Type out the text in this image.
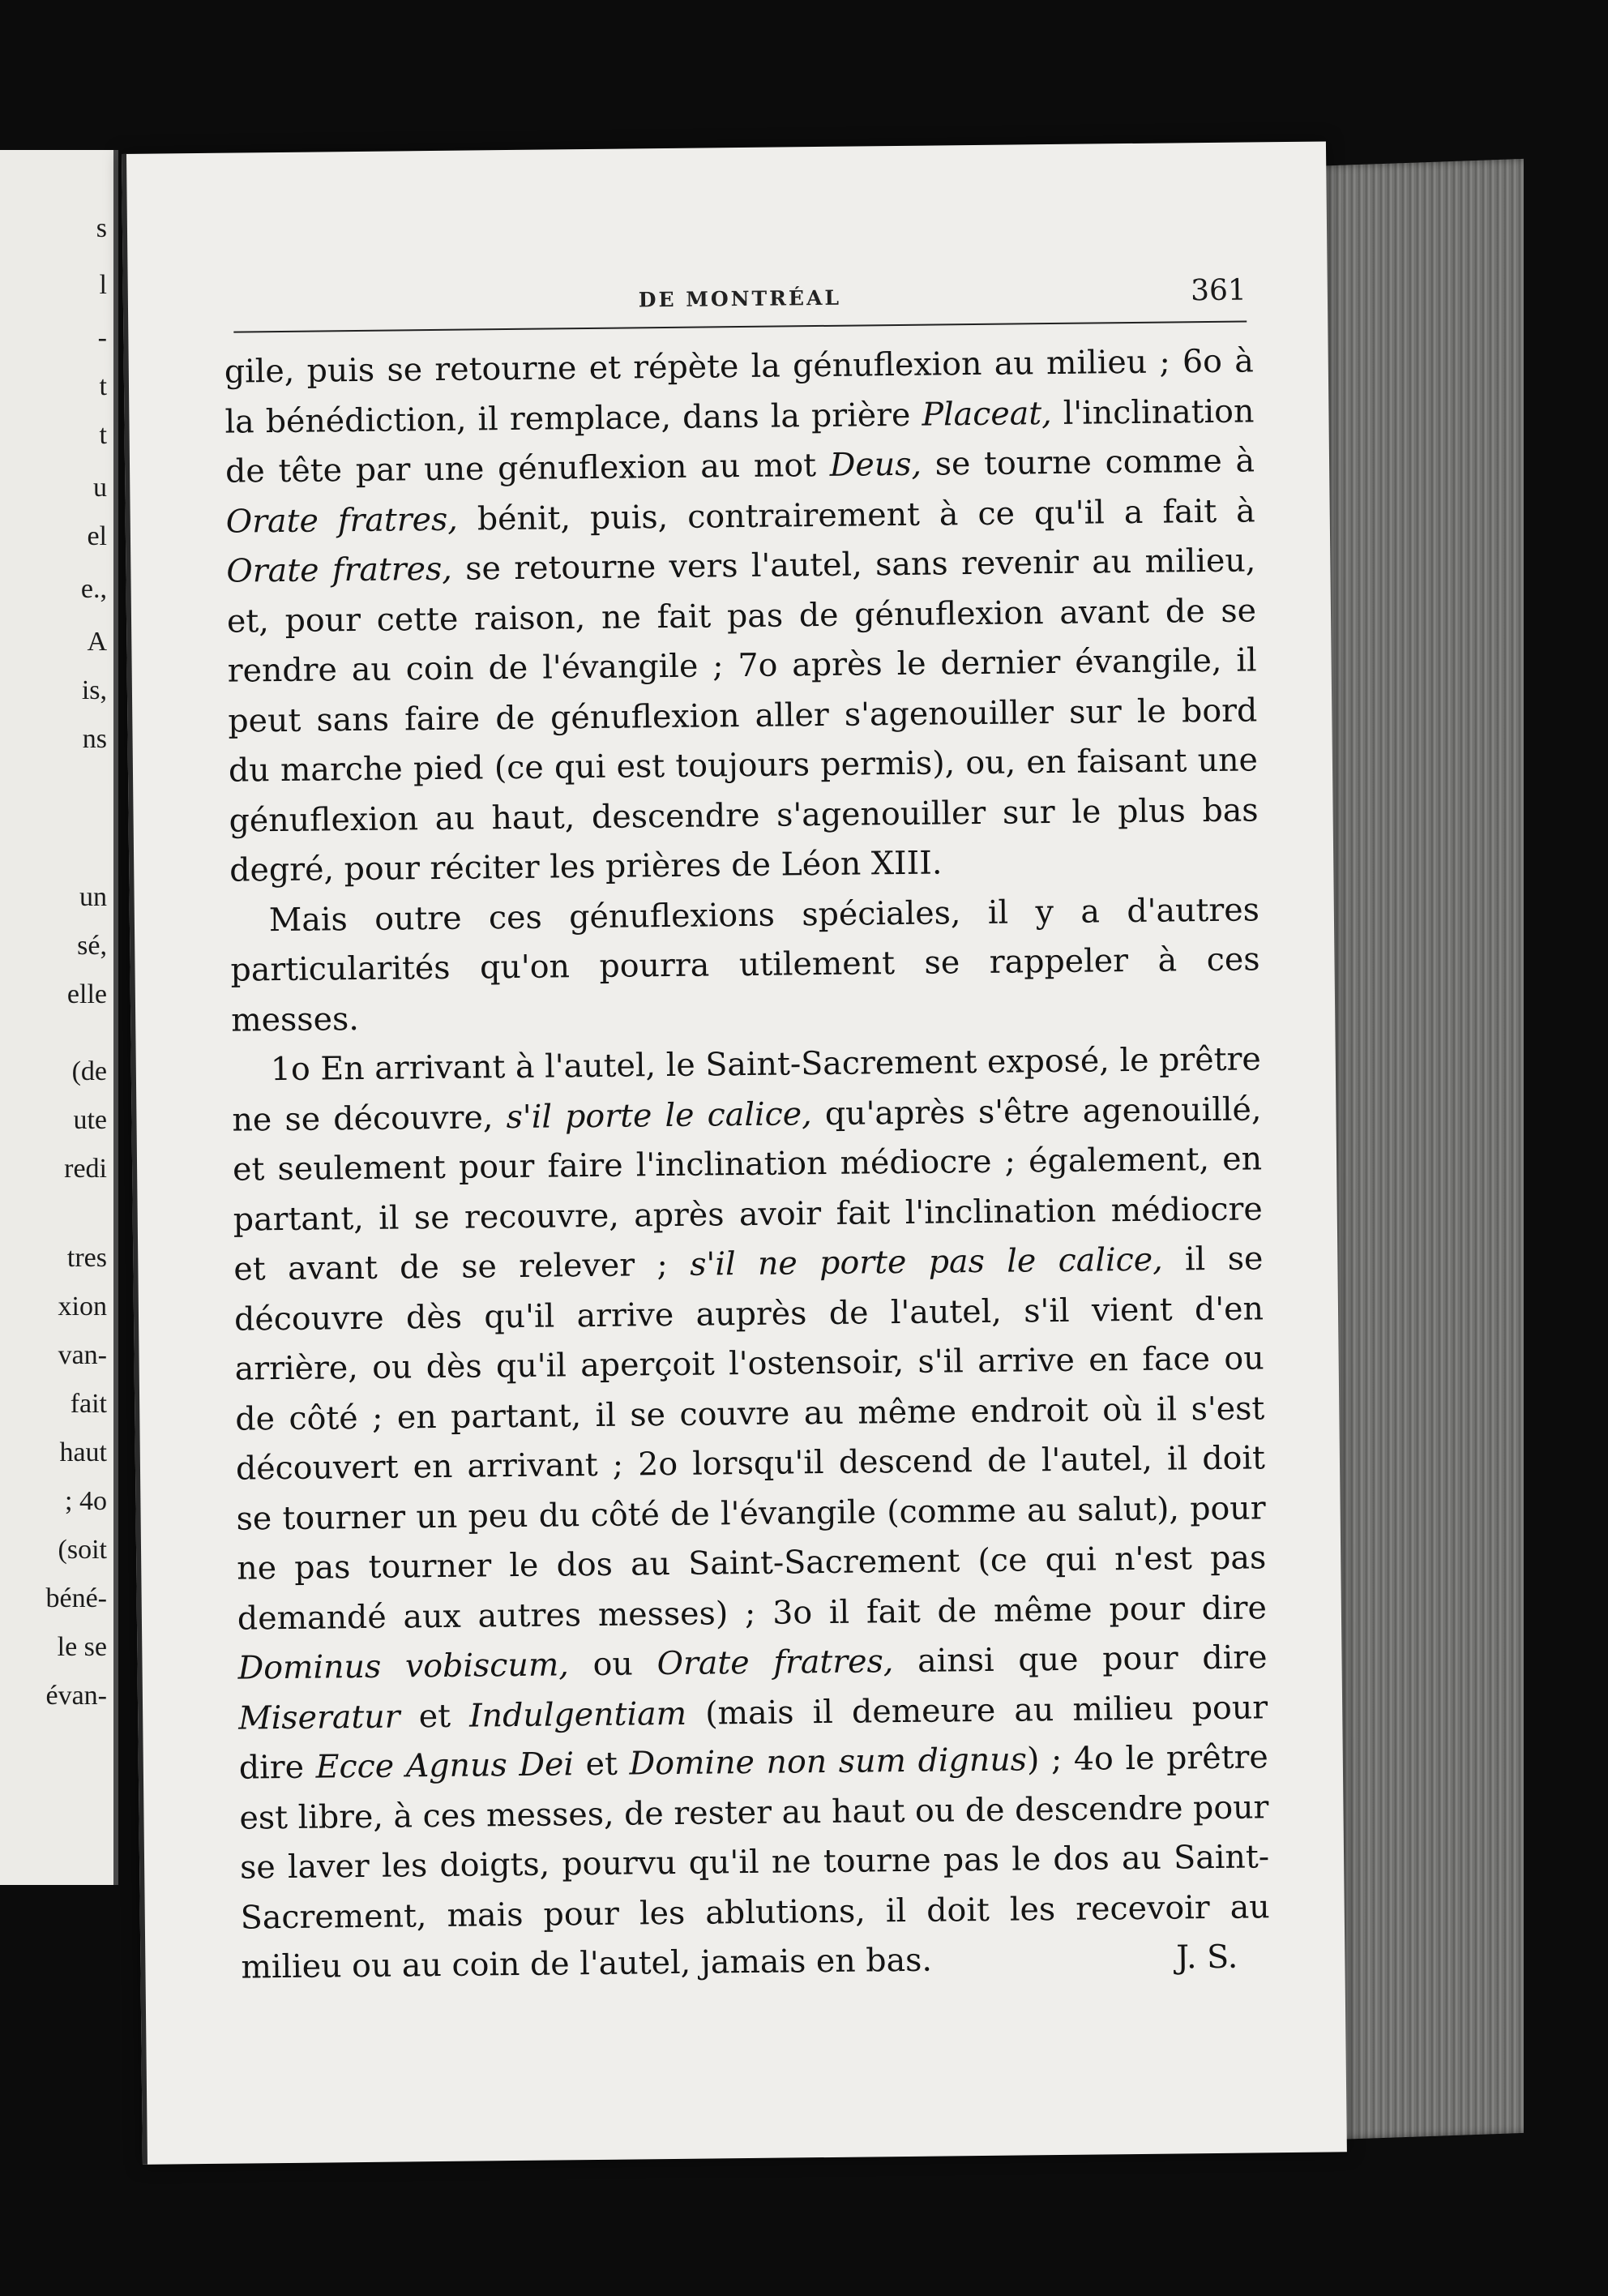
s
l
-
t
t
u
el
e.,
A
is,
ns
un
sé,
elle
(de
ute
redi
tres
xion
van-
fait
haut
; 4o
(soit
béné-
le se
évan-
DE MONTRÉAL	361

gile, puis se retourne et répète la génuflexion au milieu ; 6o à la bénédiction, il remplace, dans la prière Placeat, l'inclination de tête par une génuflexion au mot Deus, se tourne comme à Orate fratres, bénit, puis, contrairement à ce qu'il a fait à Orate fratres, se retourne vers l'autel, sans revenir au milieu, et, pour cette raison, ne fait pas de génuflexion avant de se rendre au coin de l'évangile ; 7o après le dernier évangile, il peut sans faire de génuflexion aller s'agenouiller sur le bord du marche pied (ce qui est toujours permis), ou, en faisant une génuflexion au haut, descendre s'agenouiller sur le plus bas degré, pour réciter les prières de Léon XIII.

Mais outre ces génuflexions spéciales, il y a d'autres particularités qu'on pourra utilement se rappeler à ces messes.

1o En arrivant à l'autel, le Saint-Sacrement exposé, le prêtre ne se découvre, s'il porte le calice, qu'après s'être agenouillé, et seulement pour faire l'inclination médiocre ; également, en partant, il se recouvre, après avoir fait l'inclination médiocre et avant de se relever ; s'il ne porte pas le calice, il se découvre dès qu'il arrive auprès de l'autel, s'il vient d'en arrière, ou dès qu'il aperçoit l'ostensoir, s'il arrive en face ou de côté ; en partant, il se couvre au même endroit où il s'est découvert en arrivant ; 2o lorsqu'il descend de l'autel, il doit se tourner un peu du côté de l'évangile (comme au salut), pour ne pas tourner le dos au Saint-Sacrement (ce qui n'est pas demandé aux autres messes) ; 3o il fait de même pour dire Dominus vobiscum, ou Orate fratres, ainsi que pour dire Miseratur et Indulgentiam (mais il demeure au milieu pour dire Ecce Agnus Dei et Domine non sum dignus) ; 4o le prêtre est libre, à ces messes, de rester au haut ou de descendre pour se laver les doigts, pourvu qu'il ne tourne pas le dos au Saint-Sacrement, mais pour les ablutions, il doit les recevoir au milieu ou au coin de l'autel, jamais en bas.	J. S.
